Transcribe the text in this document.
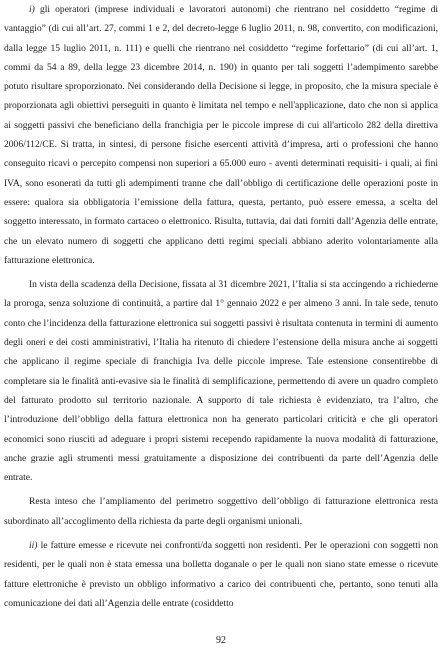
i) gli operatori (imprese individuali e lavoratori autonomi) che rientrano nel cosiddetto “regime di vantaggio” (di cui all’art. 27, commi 1 e 2, del decreto-legge 6 luglio 2011, n. 98, convertito, con modificazioni, dalla legge 15 luglio 2011, n. 111) e quelli che rientrano nel cosiddetto “regime forfettario” (di cui all’art. 1, commi da 54 a 89, della legge 23 dicembre 2014, n. 190) in quanto per tali soggetti l’adempimento sarebbe potuto risultare sproporzionato. Nei considerando della Decisione si legge, in proposito, che la misura speciale è proporzionata agli obiettivi perseguiti in quanto è limitata nel tempo e nell'applicazione, dato che non si applica ai soggetti passivi che beneficiano della franchigia per le piccole imprese di cui all'articolo 282 della direttiva 2006/112/CE. Si tratta, in sintesi, di persone fisiche esercenti attività d’impresa, arti o professioni che hanno conseguito ricavi o percepito compensi non superiori a 65.000 euro - aventi determinati requisiti- i quali, ai fini IVA, sono esonerati da tutti gli adempimenti tranne che dall’obbligo di certificazione delle operazioni poste in essere: qualora sia obbligatoria l’emissione della fattura, questa, pertanto, può essere emessa, a scelta del soggetto interessato, in formato cartaceo o elettronico. Risulta, tuttavia, dai dati forniti dall’Agenzia delle entrate, che un elevato numero di soggetti che applicano detti regimi speciali abbiano aderito volontariamente alla fatturazione elettronica.

In vista della scadenza della Decisione, fissata al 31 dicembre 2021, l’Italia si sta accingendo a richiederne la proroga, senza soluzione di continuità, a partire dal 1° gennaio 2022 e per almeno 3 anni. In tale sede, tenuto conto che l’incidenza della fatturazione elettronica sui soggetti passivi è risultata contenuta in termini di aumento degli oneri e dei costi amministrativi, l’Italia ha ritenuto di chiedere l’estensione della misura anche ai soggetti che applicano il regime speciale di franchigia Iva delle piccole imprese. Tale estensione consentirebbe di completare sia le finalità anti-evasive sia le finalità di semplificazione, permettendo di avere un quadro completo del fatturato prodotto sul territorio nazionale. A supporto di tale richiesta è evidenziato, tra l’altro, che l’introduzione dell’obbligo della fattura elettronica non ha generato particolari criticità e che gli operatori economici sono riusciti ad adeguare i propri sistemi recependo rapidamente la nuova modalità di fatturazione, anche grazie agli strumenti messi gratuitamente a disposizione dei contribuenti da parte dell’Agenzia delle entrate.

Resta inteso che l’ampliamento del perimetro soggettivo dell’obbligo di fatturazione elettronica resta subordinato all’accoglimento della richiesta da parte degli organismi unionali.

ii) le fatture emesse e ricevute nei confronti/da soggetti non residenti. Per le operazioni con soggetti non residenti, per le quali non è stata emessa una bolletta doganale o per le quali non siano state emesse o ricevute fatture elettroniche è previsto un obbligo informativo a carico dei contribuenti che, pertanto, sono tenuti alla comunicazione dei dati all’Agenzia delle entrate (cosiddetto

92
